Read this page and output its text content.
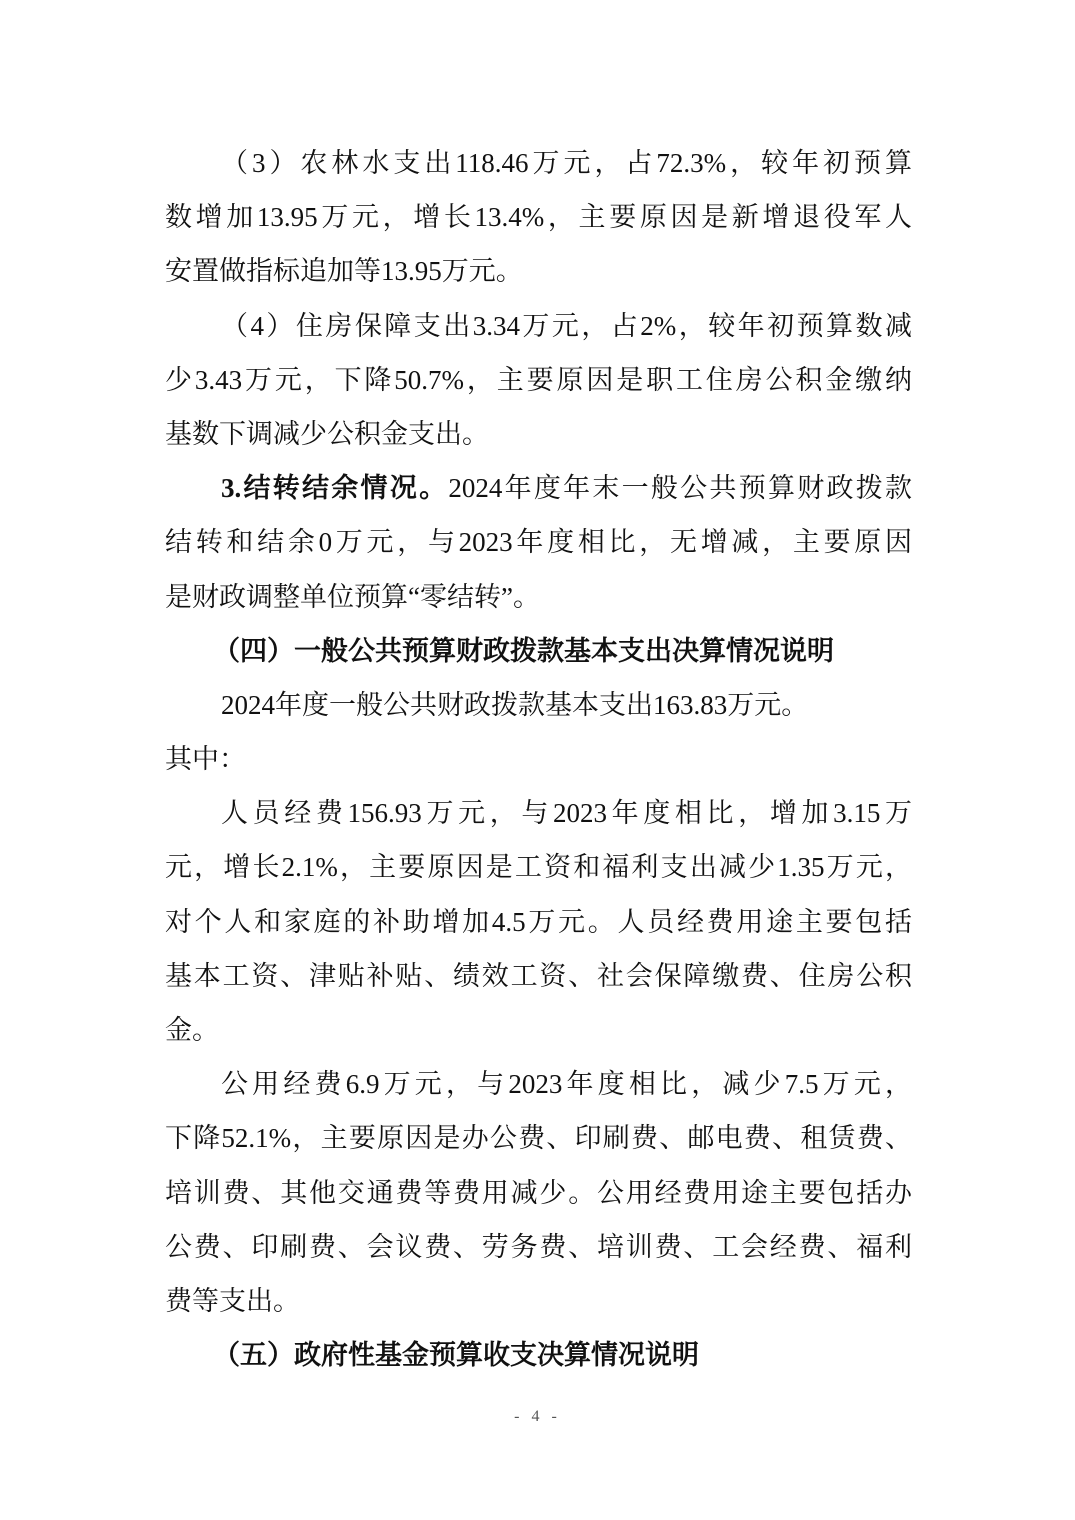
（3）农林水支出118.46万元，占72.3%，较年初预算
数增加13.95万元，增长13.4%，主要原因是新增退役军人
安置做指标追加等13.95万元。
（4）住房保障支出3.34万元，占2%，较年初预算数减
少3.43万元，下降50.7%，主要原因是职工住房公积金缴纳
基数下调减少公积金支出。
3.结转结余情况。2024年度年末一般公共预算财政拨款
结转和结余0万元，与2023年度相比，无增减，主要原因
是财政调整单位预算“零结转”。
（四）一般公共预算财政拨款基本支出决算情况说明
2024年度一般公共财政拨款基本支出163.83万元。
其中：
人员经费156.93万元，与2023年度相比，增加3.15万
元，增长2.1%，主要原因是工资和福利支出减少1.35万元，
对个人和家庭的补助增加4.5万元。人员经费用途主要包括
基本工资、津贴补贴、绩效工资、社会保障缴费、住房公积
金。
公用经费6.9万元，与2023年度相比，减少7.5万元，
下降52.1%，主要原因是办公费、印刷费、邮电费、租赁费、
培训费、其他交通费等费用减少。公用经费用途主要包括办
公费、印刷费、会议费、劳务费、培训费、工会经费、福利
费等支出。
（五）政府性基金预算收支决算情况说明
- 4 -
